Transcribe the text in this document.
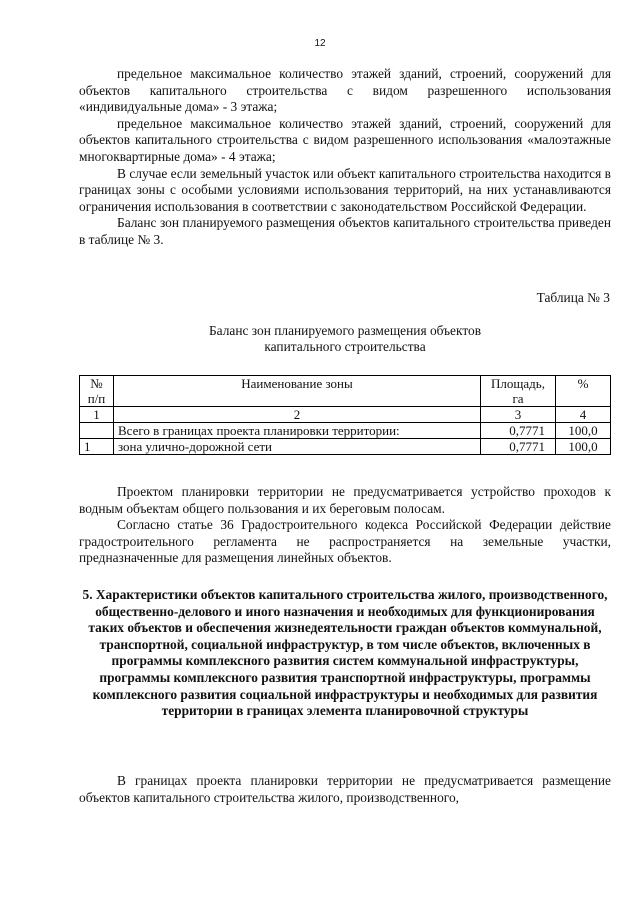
12

предельное максимальное количество этажей зданий, строений, сооружений для объектов капитального строительства с видом разрешенного использования «индивидуальные дома» - 3 этажа;

предельное максимальное количество этажей зданий, строений, сооружений для объектов капитального строительства с видом разрешенного использования «малоэтажные многоквартирные дома» - 4 этажа;

В случае если земельный участок или объект капитального строительства находится в границах зоны с особыми условиями использования территорий, на них устанавливаются ограничения использования в соответствии с законодательством Российской Федерации.

Баланс зон планируемого размещения объектов капитального строительства приведен в таблице № 3.

Таблица № 3
Баланс зон планируемого размещения объектов
капитального строительства
№ п/п	Наименование зоны	Площадь, га	%
1	2	3	4
	Всего в границах проекта планировки территории:	0,7771	100,0
1	зона улично-дорожной сети	0,7771	100,0

Проектом планировки территории не предусматривается устройство проходов к водным объектам общего пользования и их береговым полосам.

Согласно статье 36 Градостроительного кодекса Российской Федерации действие градостроительного регламента не распространяется на земельные участки, предназначенные для размещения линейных объектов.

5. Характеристики объектов капитального строительства жилого, производственного, общественно-делового и иного назначения и необходимых для функционирования таких объектов и обеспечения жизнедеятельности граждан объектов коммунальной, транспортной, социальной инфраструктур, в том числе объектов, включенных в программы комплексного развития систем коммунальной инфраструктуры, программы комплексного развития транспортной инфраструктуры, программы комплексного развития социальной инфраструктуры и необходимых для развития территории в границах элемента планировочной структуры

В границах проекта планировки территории не предусматривается размещение объектов капитального строительства жилого, производственного,
